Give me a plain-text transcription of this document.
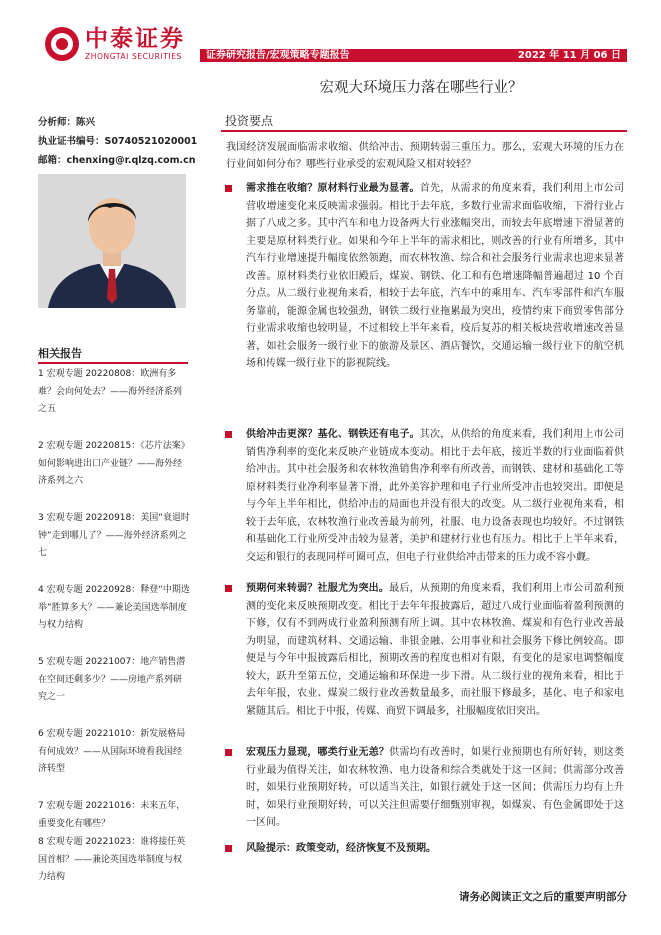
中泰证券
ZHONGTAI SECURITIES	证券研究报告/宏观策略专题报告	2022 年 11 月 06 日
宏观大环境压力落在哪些行业？
分析师：陈兴
执业证书编号：S0740521020001
邮箱：chenxing@r.qlzq.com.cn
相关报告
1 宏观专题 20220808：欧洲有多难？会向何处去？——海外经济系列之五
2 宏观专题 20220815：《芯片法案》如何影响进出口产业链？——海外经济系列之六
3 宏观专题 20220918：美国“衰退时钟”走到哪儿了？——海外经济系列之七
4 宏观专题 20220928：释登“中期选举”胜算多大？——兼论美国选举制度与权力结构
5 宏观专题 20221007：地产销售潜在空间还剩多少？——房地产系列研究之一
6 宏观专题 20221010：新发展格局有何成效？——从国际环境看我国经济转型
7 宏观专题 20221016：未来五年，重要变化有哪些？
8 宏观专题 20221023：谁将接任英国首相？——兼论英国选举制度与权力结构
投资要点
我国经济发展面临需求收缩、供给冲击、预期转弱三重压力。那么，宏观大环境的压力在行业间如何分布？哪些行业承受的宏观风险又相对较轻？
需求推在收缩？原材料行业最为显著。首先，从需求的角度来看，我们利用上市公司营收增速变化来反映需求强弱。相比于去年底，多数行业需求面临收缩，下滑行业占据了八成之多。其中汽车和电力设备两大行业涨幅突出，而较去年底增速下滑显著的主要是原材料类行业。如果和今年上半年的需求相比，则改善的行业有所增多，其中汽车行业增速提升幅度依然领跑，而农林牧渔、综合和社会服务行业需求也迎来显著改善。原材料类行业依旧殿后，煤炭、钢铁、化工和有色增速降幅普遍超过 10 个百分点。从二级行业视角来看，相较于去年底，汽车中的乘用车、汽车零部件和汽车服务靠前，能源金属也较强劲，钢铁二级行业拖累最为突出，疫情约束下商贸零售部分行业需求收缩也较明显，不过相较上半年来看，疫后复苏的相关板块营收增速改善显著，如社会服务一级行业下的旅游及景区、酒店餐饮，交通运输一级行业下的航空机场和传媒一级行业下的影视院线。
供给冲击更深？基化、钢铁还有电子。其次，从供给的角度来看，我们利用上市公司销售净利率的变化来反映产业链成本变动。相比于去年底，接近半数的行业面临着供给冲击。其中社会服务和农林牧渔销售净利率有所改善，而钢铁、建材和基础化工等原材料类行业净利率显著下滑，此外美容护理和电子行业所受冲击也较突出。即便是与今年上半年相比，供给冲击的局面也并没有很大的改变。从二级行业视角来看，相较于去年底，农林牧渔行业改善最为前列，社服、电力设备表现也均较好。不过钢铁和基础化工行业所受冲击较为显著，美护和建材行业也有压力。相比于上半年来看，交运和银行的表现同样可圈可点，但电子行业供给冲击带来的压力或不容小觑。
预期何来转弱？社服尤为突出。最后，从预期的角度来看，我们利用上市公司盈利预测的变化来反映预期改变。相比于去年年报披露后，超过八成行业面临着盈利预测的下修，仅有不到两成行业盈利预测有所上调。其中农林牧渔、煤炭和有色行业改善最为明显，而建筑材料、交通运输、非银金融、公用事业和社会服务下修比例较高。即便是与今年中报披露后相比，预期改善的程度也相对有限，有变化的是家电调整幅度较大，跃升至第五位，交通运输和环保进一步下滑。从二级行业的视角来看，相比于去年年报，农业、煤炭二级行业改善数量最多，而社服下修最多，基化、电子和家电紧随其后。相比于中报，传媒、商贸下调最多，社服幅度依旧突出。
宏观压力显现，哪类行业无恙？供需均有改善时，如果行业预期也有所好转，则这类行业最为值得关注，如农林牧渔、电力设备和综合类就处于这一区间；供需部分改善时，如果行业预期好转，可以适当关注，如银行就处于这一区间；供需压力均有上升时，如果行业预期好转，可以关注但需要仔细甄别审视，如煤炭、有色金属即处于这一区间。
风险提示：政策变动，经济恢复不及预期。
请务必阅读正文之后的重要声明部分
